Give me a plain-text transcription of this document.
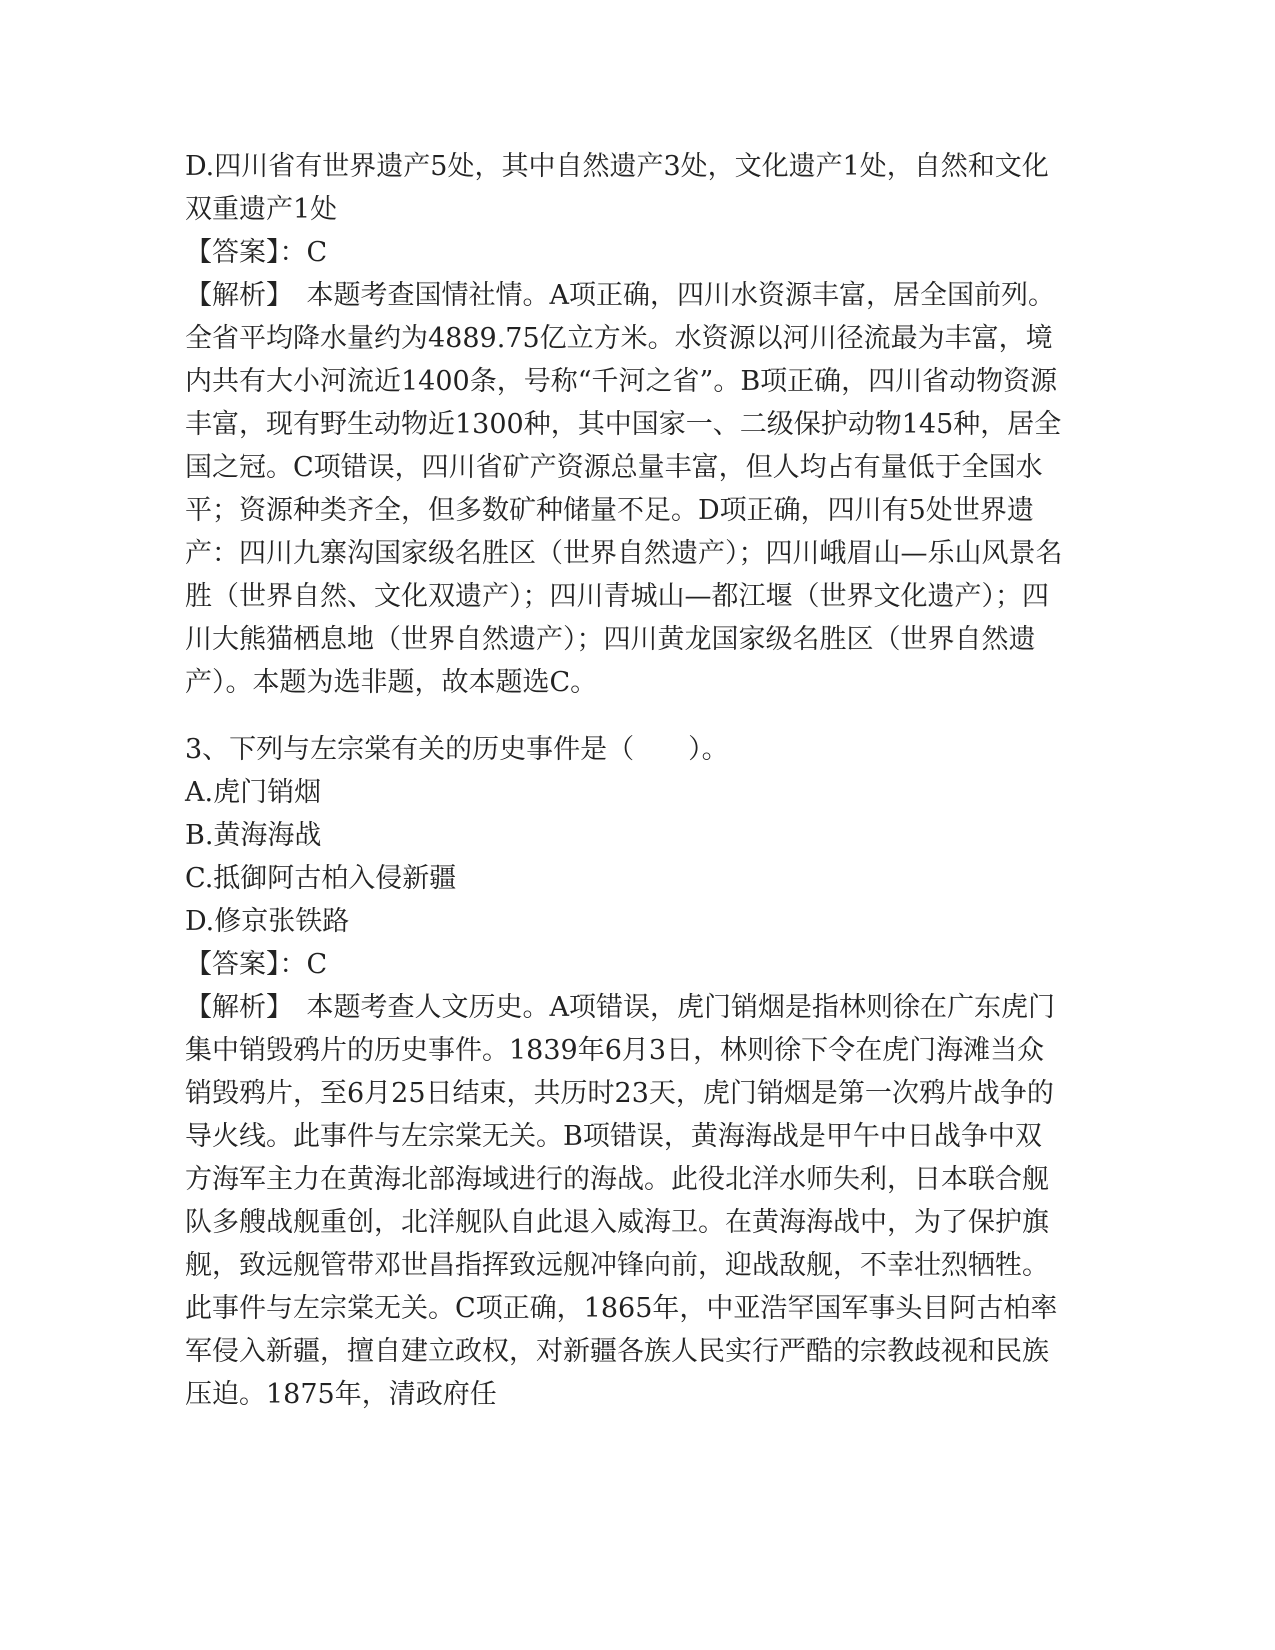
D.四川省有世界遗产5处，其中自然遗产3处，文化遗产1处，自然和文化双重遗产1处

【答案】：C

【解析】　本题考查国情社情。A项正确，四川水资源丰富，居全国前列。全省平均降水量约为4889.75亿立方米。水资源以河川径流最为丰富，境内共有大小河流近1400条，号称“千河之省”。B项正确，四川省动物资源丰富，现有野生动物近1300种，其中国家一、二级保护动物145种，居全国之冠。C项错误，四川省矿产资源总量丰富，但人均占有量低于全国水平；资源种类齐全，但多数矿种储量不足。D项正确，四川有5处世界遗产：四川九寨沟国家级名胜区（世界自然遗产）；四川峨眉山—乐山风景名胜（世界自然、文化双遗产）；四川青城山—都江堰（世界文化遗产）；四川大熊猫栖息地（世界自然遗产）；四川黄龙国家级名胜区（世界自然遗产）。本题为选非题，故本题选C。

3、下列与左宗棠有关的历史事件是（　　）。

A.虎门销烟

B.黄海海战

C.抵御阿古柏入侵新疆

D.修京张铁路

【答案】：C

【解析】　本题考查人文历史。A项错误，虎门销烟是指林则徐在广东虎门集中销毁鸦片的历史事件。1839年6月3日，林则徐下令在虎门海滩当众销毁鸦片，至6月25日结束，共历时23天，虎门销烟是第一次鸦片战争的导火线。此事件与左宗棠无关。B项错误，黄海海战是甲午中日战争中双方海军主力在黄海北部海域进行的海战。此役北洋水师失利，日本联合舰队多艘战舰重创，北洋舰队自此退入威海卫。在黄海海战中，为了保护旗舰，致远舰管带邓世昌指挥致远舰冲锋向前，迎战敌舰，不幸壮烈牺牲。此事件与左宗棠无关。C项正确，1865年，中亚浩罕国军事头目阿古柏率军侵入新疆，擅自建立政权，对新疆各族人民实行严酷的宗教歧视和民族压迫。1875年，清政府任
